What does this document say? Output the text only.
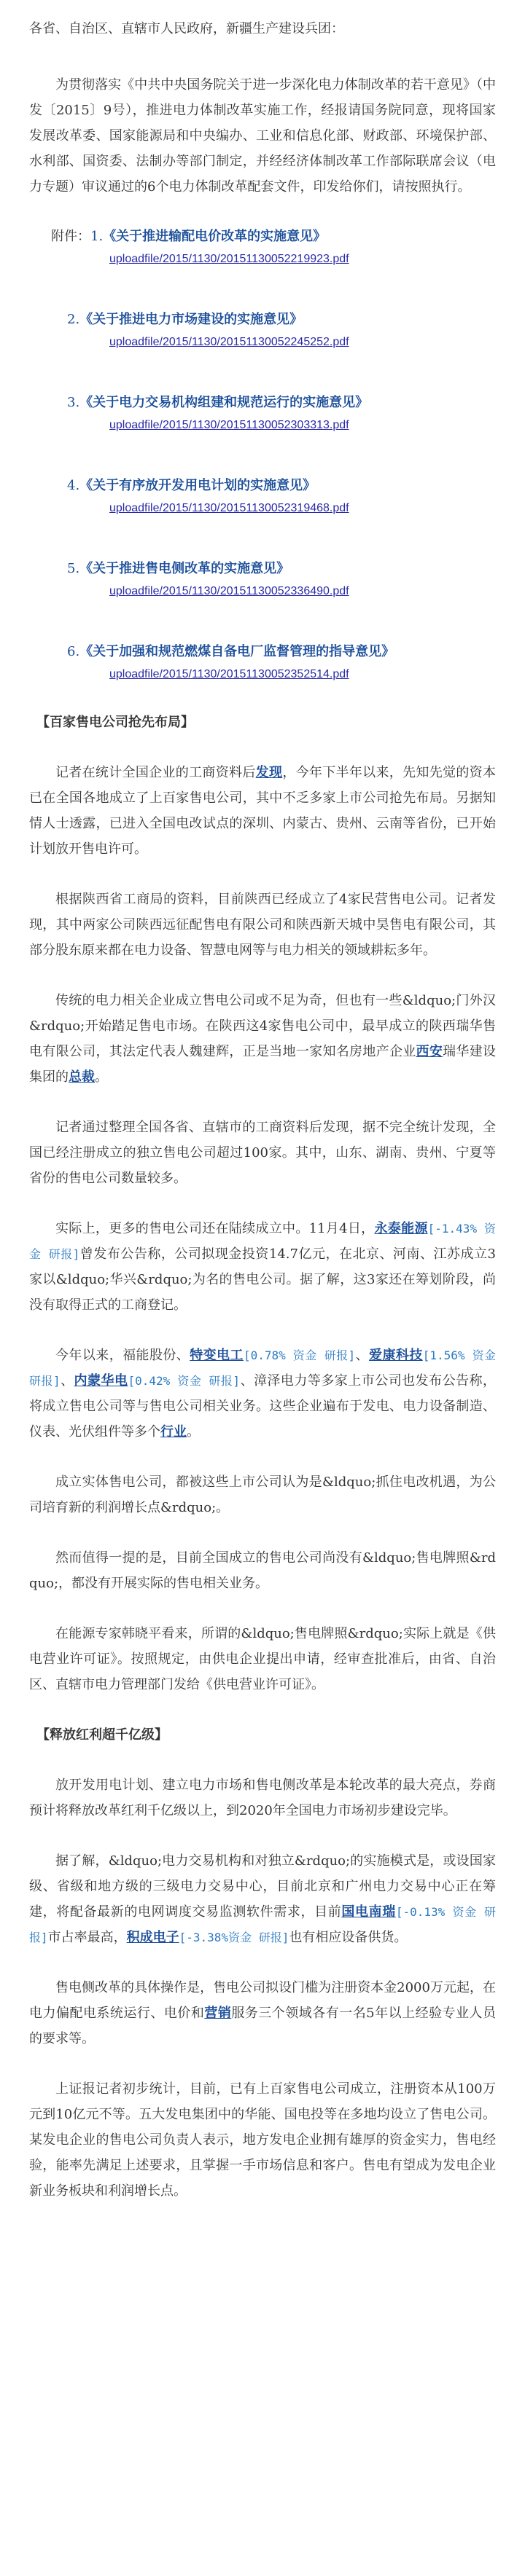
各省、自治区、直辖市人民政府，新疆生产建设兵团：

为贯彻落实《中共中央国务院关于进一步深化电力体制改革的若干意见》（中发〔2015〕9号），推进电力体制改革实施工作，经报请国务院同意，现将国家发展改革委、国家能源局和中央编办、工业和信息化部、财政部、环境保护部、水利部、国资委、法制办等部门制定，并经经济体制改革工作部际联席会议（电力专题）审议通过的6个电力体制改革配套文件，印发给你们，请按照执行。

附件：1.《关于推进输配电价改革的实施意见》

uploadfile/2015/1130/20151130052219923.pdf

2.《关于推进电力市场建设的实施意见》

uploadfile/2015/1130/20151130052245252.pdf

3.《关于电力交易机构组建和规范运行的实施意见》

uploadfile/2015/1130/20151130052303313.pdf

4.《关于有序放开发用电计划的实施意见》

uploadfile/2015/1130/20151130052319468.pdf

5.《关于推进售电侧改革的实施意见》

uploadfile/2015/1130/20151130052336490.pdf

6.《关于加强和规范燃煤自备电厂监督管理的指导意见》

uploadfile/2015/1130/20151130052352514.pdf

【百家售电公司抢先布局】

记者在统计全国企业的工商资料后发现，今年下半年以来，先知先觉的资本已在全国各地成立了上百家售电公司，其中不乏多家上市公司抢先布局。另据知情人士透露，已进入全国电改试点的深圳、内蒙古、贵州、云南等省份，已开始计划放开售电许可。

根据陕西省工商局的资料，目前陕西已经成立了4家民营售电公司。记者发现，其中两家公司陕西远征配售电有限公司和陕西新天城中昊售电有限公司，其部分股东原来都在电力设备、智慧电网等与电力相关的领域耕耘多年。

传统的电力相关企业成立售电公司或不足为奇，但也有一些&ldquo;门外汉&rdquo;开始踏足售电市场。在陕西这4家售电公司中，最早成立的陕西瑞华售电有限公司，其法定代表人魏建辉，正是当地一家知名房地产企业西安瑞华建设集团的总裁。

记者通过整理全国各省、直辖市的工商资料后发现，据不完全统计发现，全国已经注册成立的独立售电公司超过100家。其中，山东、湖南、贵州、宁夏等省份的售电公司数量较多。

实际上，更多的售电公司还在陆续成立中。11月4日，永泰能源[-1.43% 资金 研报]曾发布公告称，公司拟现金投资14.7亿元，在北京、河南、江苏成立3家以&ldquo;华兴&rdquo;为名的售电公司。据了解，这3家还在筹划阶段，尚没有取得正式的工商登记。

今年以来，福能股份、特变电工[0.78% 资金 研报]、爱康科技[1.56% 资金 研报]、内蒙华电[0.42% 资金 研报]、漳泽电力等多家上市公司也发布公告称，将成立售电公司等与售电公司相关业务。这些企业遍布于发电、电力设备制造、仪表、光伏组件等多个行业。

成立实体售电公司，都被这些上市公司认为是&ldquo;抓住电改机遇，为公司培育新的利润增长点&rdquo;。

然而值得一提的是，目前全国成立的售电公司尚没有&ldquo;售电牌照&rdquo;，都没有开展实际的售电相关业务。

在能源专家韩晓平看来，所谓的&ldquo;售电牌照&rdquo;实际上就是《供电营业许可证》。按照规定，由供电企业提出申请，经审查批准后，由省、自治区、直辖市电力管理部门发给《供电营业许可证》。

【释放红利超千亿级】

放开发用电计划、建立电力市场和售电侧改革是本轮改革的最大亮点，券商预计将释放改革红利千亿级以上，到2020年全国电力市场初步建设完毕。

据了解，&ldquo;电力交易机构和对独立&rdquo;的实施模式是，或设国家级、省级和地方级的三级电力交易中心，目前北京和广州电力交易中心正在筹建，将配备最新的电网调度交易监测软件需求，目前国电南瑞[-0.13% 资金 研报]市占率最高，积成电子[-3.38%资金 研报]也有相应设备供货。

售电侧改革的具体操作是，售电公司拟设门槛为注册资本金2000万元起，在电力偏配电系统运行、电价和营销服务三个领域各有一名5年以上经验专业人员的要求等。

上证报记者初步统计，目前，已有上百家售电公司成立，注册资本从100万元到10亿元不等。五大发电集团中的华能、国电投等在多地均设立了售电公司。某发电企业的售电公司负责人表示，地方发电企业拥有雄厚的资金实力，售电经验，能率先满足上述要求，且掌握一手市场信息和客户。售电有望成为发电企业新业务板块和利润增长点。
